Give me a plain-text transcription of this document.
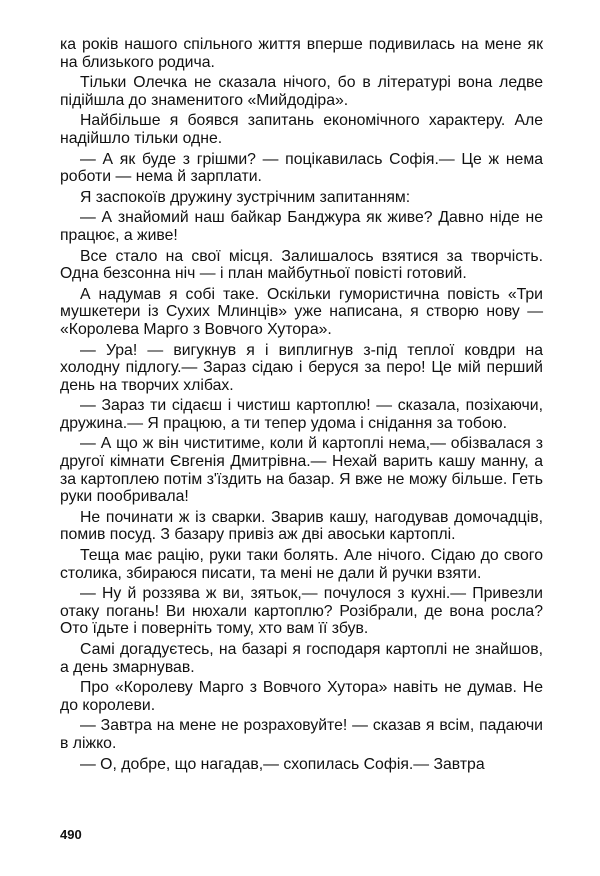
ка років нашого спільного життя вперше подивилась на мене як на близького родича.

Тільки Олечка не сказала нічого, бо в літературі вона ледве підійшла до знаменитого «Мийдодіра».

Найбільше я боявся запитань економічного характеру. Але надійшло тільки одне.

— А як буде з грішми? — поцікавилась Софія.— Це ж нема роботи — нема й зарплати.

Я заспокоїв дружину зустрічним запитанням:

— А знайомий наш байкар Банджура як живе? Давно ніде не працює, а живе!

Все стало на свої місця. Залишалось взятися за творчість. Одна безсонна ніч — і план майбутньої повісті готовий.

А надумав я собі таке. Оскільки гумористична повість «Три мушкетери із Сухих Млинців» уже написана, я створю нову — «Королева Марго з Вовчого Хутора».

— Ура! — вигукнув я і виплигнув з-під теплої ковдри на холодну підлогу.— Зараз сідаю і беруся за перо! Це мій перший день на творчих хлібах.

— Зараз ти сідаєш і чистиш картоплю! — сказала, позіхаючи, дружина.— Я працюю, а ти тепер удома і снідання за тобою.

— А що ж він чиститиме, коли й картоплі нема,— обізвалася з другої кімнати Євгенія Дмитрівна.— Нехай варить кашу манну, а за картоплею потім з'їздить на базар. Я вже не можу більше. Геть руки пообривала!

Не починати ж із сварки. Зварив кашу, нагодував домочадців, помив посуд. З базару привіз аж дві авоськи картоплі.

Теща має рацію, руки таки болять. Але нічого. Сідаю до свого столика, збираюся писати, та мені не дали й ручки взяти.

— Ну й роззява ж ви, зятьок,— почулося з кухні.— Привезли отаку погань! Ви нюхали картоплю? Розібрали, де вона росла? Ото їдьте і поверніть тому, хто вам її збув.

Самі догадуєтесь, на базарі я господаря картоплі не знайшов, а день змарнував.

Про «Королеву Марго з Вовчого Хутора» навіть не думав. Не до королеви.

— Завтра на мене не розраховуйте! — сказав я всім, падаючи в ліжко.

— О, добре, що нагадав,— схопилась Софія.— Завтра

490
